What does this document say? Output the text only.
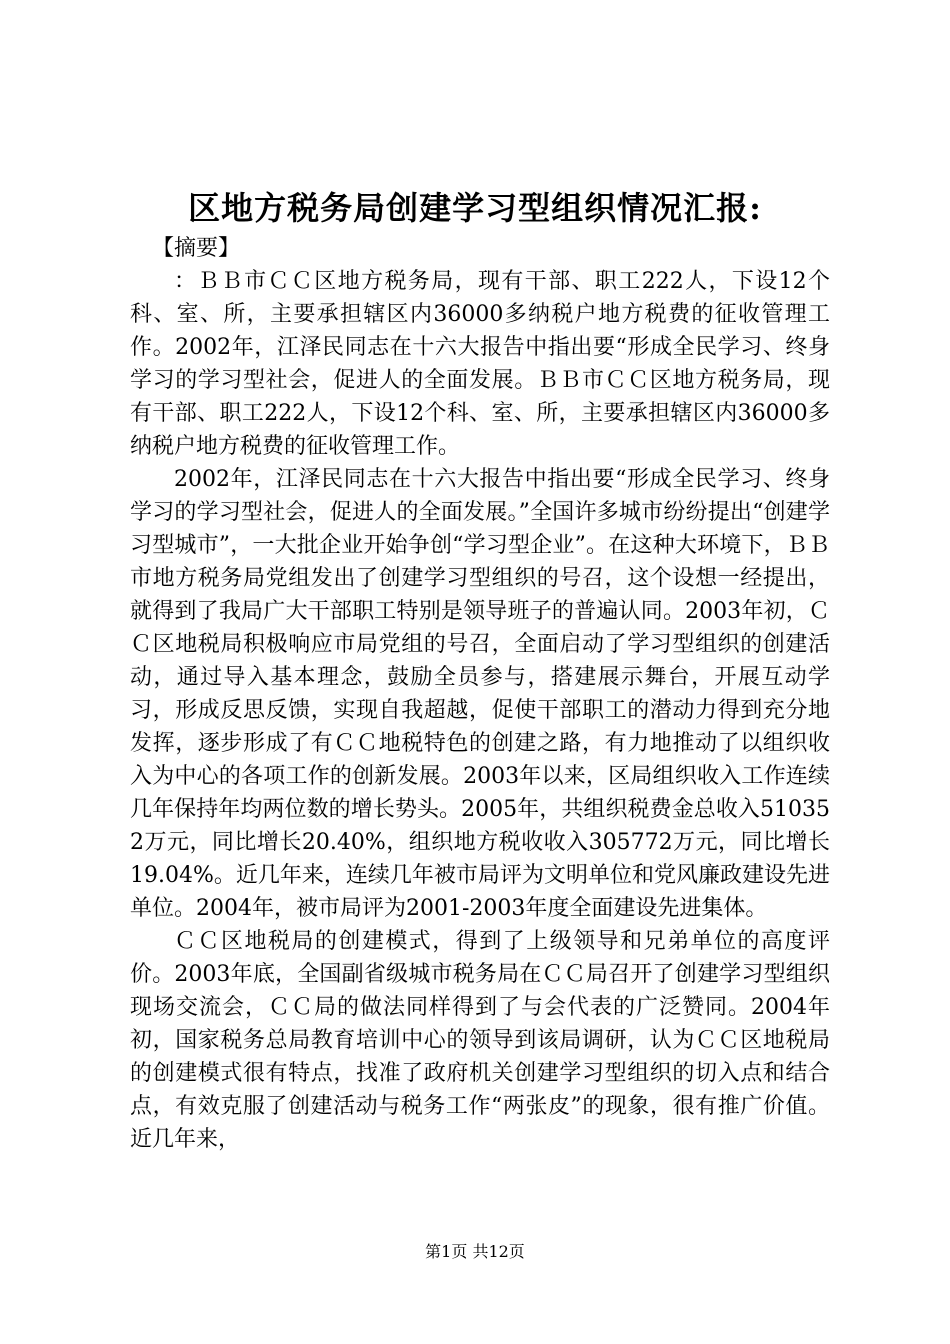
区地方税务局创建学习型组织情况汇报:

【摘要】

：ＢＢ市ＣＣ区地方税务局，现有干部、职工222人，下设12个科、室、所，主要承担辖区内36000多纳税户地方税费的征收管理工作。2002年，江泽民同志在十六大报告中指出要“形成全民学习、终身学习的学习型社会，促进人的全面发展。ＢＢ市ＣＣ区地方税务局，现有干部、职工222人，下设12个科、室、所，主要承担辖区内36000多纳税户地方税费的征收管理工作。

2002年，江泽民同志在十六大报告中指出要“形成全民学习、终身学习的学习型社会，促进人的全面发展。”全国许多城市纷纷提出“创建学习型城市”，一大批企业开始争创“学习型企业”。在这种大环境下，ＢＢ市地方税务局党组发出了创建学习型组织的号召，这个设想一经提出，就得到了我局广大干部职工特别是领导班子的普遍认同。2003年初，ＣＣ区地税局积极响应市局党组的号召，全面启动了学习型组织的创建活动，通过导入基本理念，鼓励全员参与，搭建展示舞台，开展互动学习，形成反思反馈，实现自我超越，促使干部职工的潜动力得到充分地发挥，逐步形成了有ＣＣ地税特色的创建之路，有力地推动了以组织收入为中心的各项工作的创新发展。2003年以来，区局组织收入工作连续几年保持年均两位数的增长势头。2005年，共组织税费金总收入510352万元，同比增长20.40%，组织地方税收收入305772万元，同比增长19.04%。近几年来，连续几年被市局评为文明单位和党风廉政建设先进单位。2004年，被市局评为2001-2003年度全面建设先进集体。

ＣＣ区地税局的创建模式，得到了上级领导和兄弟单位的高度评价。2003年底，全国副省级城市税务局在ＣＣ局召开了创建学习型组织现场交流会，ＣＣ局的做法同样得到了与会代表的广泛赞同。2004年初，国家税务总局教育培训中心的领导到该局调研，认为ＣＣ区地税局的创建模式很有特点，找准了政府机关创建学习型组织的切入点和结合点，有效克服了创建活动与税务工作“两张皮”的现象，很有推广价值。近几年来，

第1页 共12页
